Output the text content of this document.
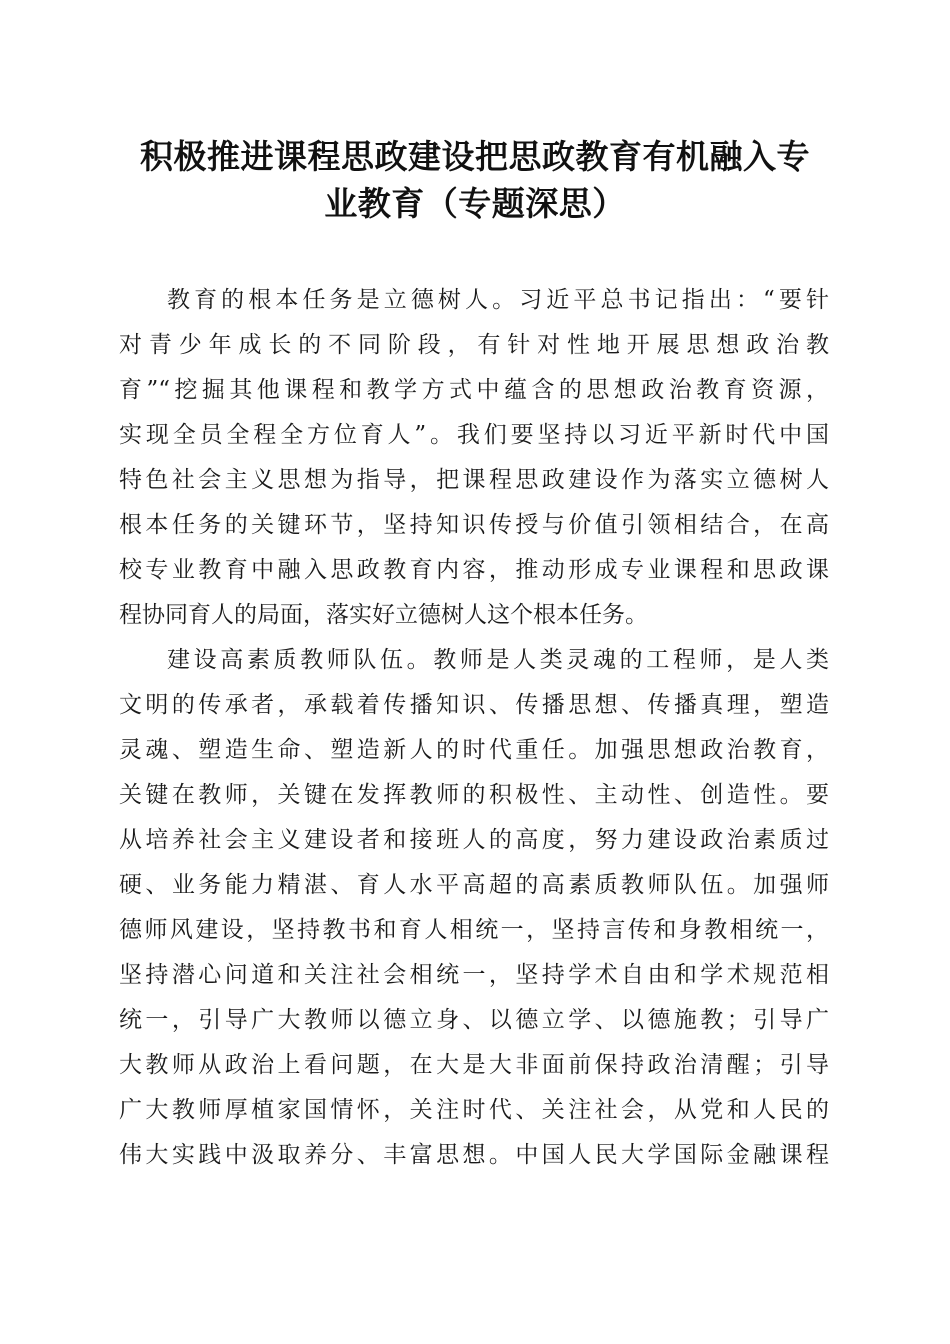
积极推进课程思政建设把思政教育有机融入专
业教育（专题深思）
教育的根本任务是立德树人。习近平总书记指出：“要针
对青少年成长的不同阶段，有针对性地开展思想政治教
育”“挖掘其他课程和教学方式中蕴含的思想政治教育资源，
实现全员全程全方位育人”。我们要坚持以习近平新时代中国
特色社会主义思想为指导，把课程思政建设作为落实立德树人
根本任务的关键环节，坚持知识传授与价值引领相结合，在高
校专业教育中融入思政教育内容，推动形成专业课程和思政课
程协同育人的局面，落实好立德树人这个根本任务。
建设高素质教师队伍。教师是人类灵魂的工程师，是人类
文明的传承者，承载着传播知识、传播思想、传播真理，塑造
灵魂、塑造生命、塑造新人的时代重任。加强思想政治教育，
关键在教师，关键在发挥教师的积极性、主动性、创造性。要
从培养社会主义建设者和接班人的高度，努力建设政治素质过
硬、业务能力精湛、育人水平高超的高素质教师队伍。加强师
德师风建设，坚持教书和育人相统一，坚持言传和身教相统一，
坚持潜心问道和关注社会相统一，坚持学术自由和学术规范相
统一，引导广大教师以德立身、以德立学、以德施教；引导广
大教师从政治上看问题，在大是大非面前保持政治清醒；引导
广大教师厚植家国情怀，关注时代、关注社会，从党和人民的
伟大实践中汲取养分、丰富思想。中国人民大学国际金融课程
